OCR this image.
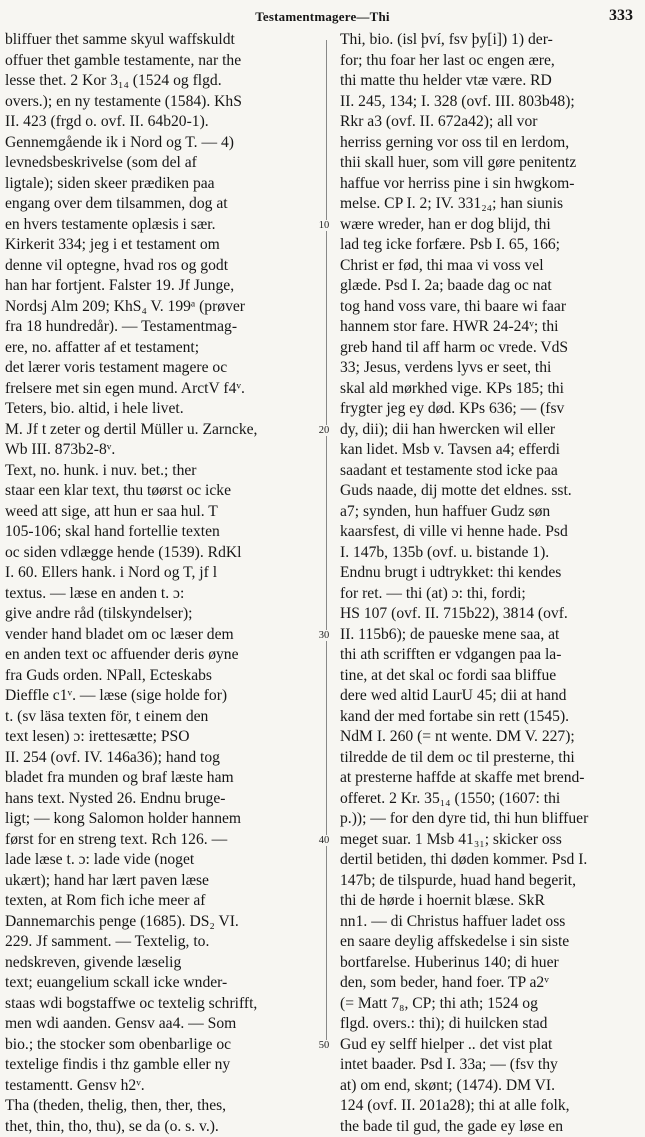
Testamentmagere—Thi	333
bliffuer thet samme skyul waffskuldt
offuer thet gamble testamente, nar the
lesse thet. 2 Kor 3₁₄ (1524 og flgd.
overs.); en ny testamente (1584). KhS
II. 423 (frgd o. ovf. II. 64b20-1).
Gennemgående ik i Nord og T. — 4)
levnedsbeskrivelse (som del af
ligtale); siden skeer prædiken paa
engang over dem tilsammen, dog at
en hvers testamente oplæsis i sær.
Kirkerit 334; jeg i et testament om
denne vil optegne, hvad ros og godt
han har fortjent. Falster 19. Jf Junge,
Nordsj Alm 209; KhS₄ V. 199ᵃ (prøver
fra 18 hundredår). — Testamentmag-
ere, no. affatter af et testament;
det lærer voris testament magere oc
frelsere met sin egen mund. ArctV f4ᵛ.
Teters, bio. altid, i hele livet.
M. Jf t zeter og dertil Müller u. Zarncke,
Wb III. 873b2-8ᵛ.
Text, no. hunk. i nuv. bet.; ther
staar een klar text, thu tøørst oc icke
weed att sige, att hun er saa hul. T
105-106; skal hand fortellie texten
oc siden vdlægge hende (1539). RdKl
I. 60. Ellers hank. i Nord og T, jf l
textus. — læse en anden t. ɔ:
give andre råd (tilskyndelser);
vender hand bladet om oc læser dem
en anden text oc affuender deris øyne
fra Guds orden. NPall, Ecteskabs
Dieffle c1ᵛ. — læse (sige holde for)
t. (sv läsa texten för, t einem den
text lesen) ɔ: irettesætte; PSO
II. 254 (ovf. IV. 146a36); hand tog
bladet fra munden og braf læste ham
hans text. Nysted 26. Endnu bruge-
ligt; — kong Salomon holder hannem
først for en streng text. Rch 126. —
lade læse t. ɔ: lade vide (noget
ukært); hand har lært paven læse
texten, at Rom fich iche meer af
Dannemarchis penge (1685). DS₂ VI.
229. Jf samment. — Textelig, to.
nedskreven, givende læselig
text; euangelium sckall icke wnder-
staas wdi bogstaffwe oc textelig schrifft,
men wdi aanden. Gensv aa4. — Som
bio.; the stocker som obenbarlige oc
textelige findis i thz gamble eller ny
testamentt. Gensv h2ᵛ.
Tha (theden, thelig, then, ther, thes,
thet, thin, tho, thu), se da (o. s. v.).
Thi, bio. (isl því, fsv þy[i]) 1) der-
for; thu foar her last oc engen ære,
thi matte thu helder vtæ være. RD
II. 245, 134; I. 328 (ovf. III. 803b48);
Rkr a3 (ovf. II. 672a42); all vor
herriss gerning vor oss til en lerdom,
thii skall huer, som vill gøre penitentz
haffue vor herriss pine i sin hwgkom-
melse. CP I. 2; IV. 331₂₄; han siunis
wære wreder, han er dog blijd, thi
lad teg icke forfære. Psb I. 65, 166;
Christ er fød, thi maa vi voss vel
glæde. Psd I. 2a; baade dag oc nat
tog hand voss vare, thi baare wi faar
hannem stor fare. HWR 24-24ᵛ; thi
greb hand til aff harm oc vrede. VdS
33; Jesus, verdens lyvs er seet, thi
skal ald mørkhed vige. KPs 185; thi
frygter jeg ey død. KPs 636; — (fsv
dy, dii); dii han hwercken wil eller
kan lidet. Msb v. Tavsen a4; efferdi
saadant et testamente stod icke paa
Guds naade, dij motte det eldnes. sst.
a7; synden, hun haffuer Gudz søn
kaarsfest, di ville vi henne hade. Psd
I. 147b, 135b (ovf. u. bistande 1).
Endnu brugt i udtrykket: thi kendes
for ret. — thi (at) ɔ: thi, fordi;
HS 107 (ovf. II. 715b22), 3814 (ovf.
II. 115b6); de paueske mene saa, at
thi ath scrifften er vdgangen paa la-
tine, at det skal oc fordi saa bliffue
dere wed altid LaurU 45; dii at hand
kand der med fortabe sin rett (1545).
NdM I. 260 (= nt wente. DM V. 227);
tilredde de til dem oc til presterne, thi
at presterne haffde at skaffe met brend-
offeret. 2 Kr. 35₁₄ (1550; (1607: thi
p.)); — for den dyre tid, thi hun bliffuer
meget suar. 1 Msb 41₃₁; skicker oss
dertil betiden, thi døden kommer. Psd I.
147b; de tilspurde, huad hand begerit,
thi de hørde i hoernit blæse. SkR
nn1. — di Christus haffuer ladet oss
en saare deylig affskedelse i sin siste
bortfarelse. Huberinus 140; di huer
den, som beder, hand foer. TP a2ᵛ
(= Matt 7₈, CP; thi ath; 1524 og
flgd. overs.: thi); di huilcken stad
Gud ey selff hielper .. det vist plat
intet baader. Psd I. 33a; — (fsv thy
at) om end, skønt; (1474). DM VI.
124 (ovf. II. 201a28); thi at alle folk,
the bade til gud, the gade ey løse en
10
20
30
40
50
